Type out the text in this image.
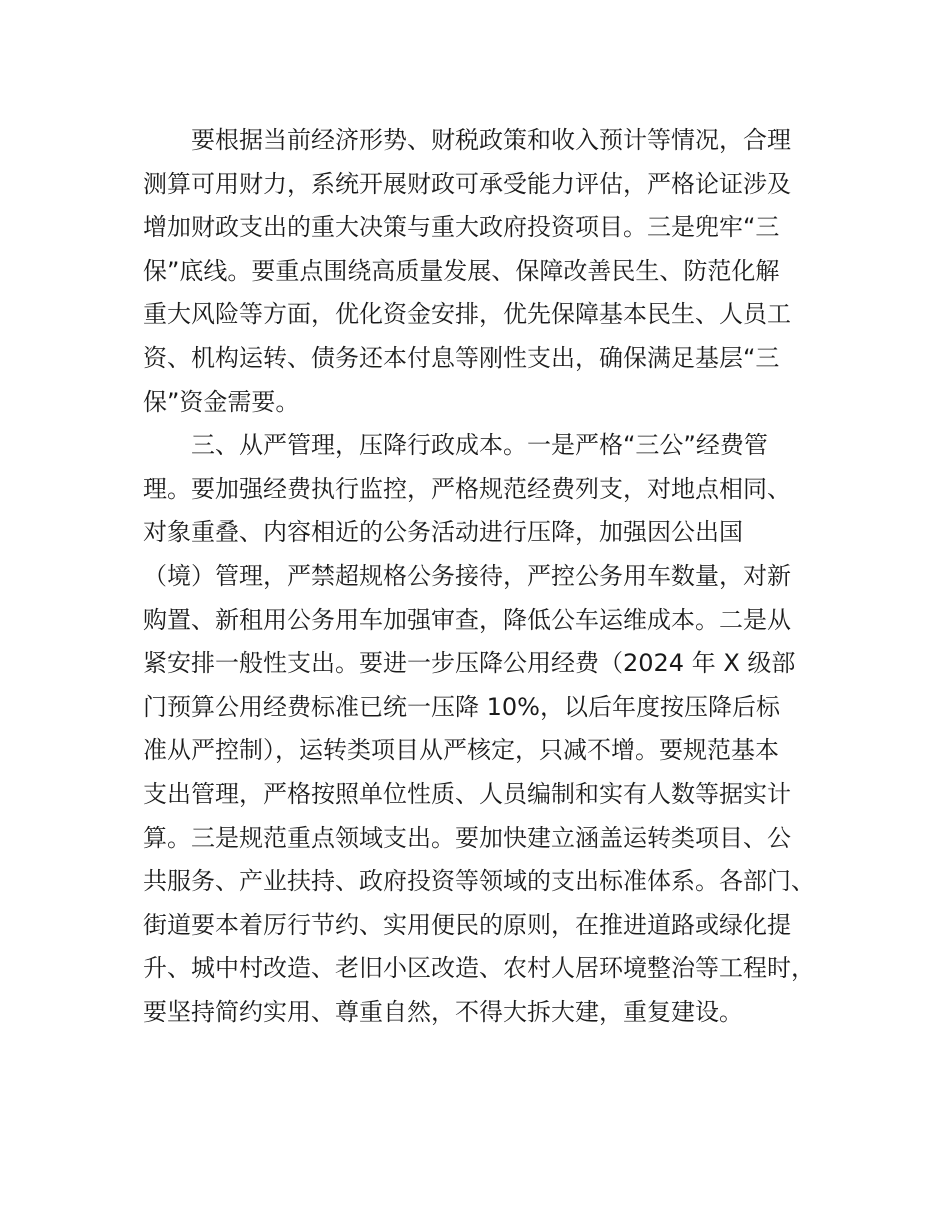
要根据当前经济形势、财税政策和收入预计等情况，合理
测算可用财力，系统开展财政可承受能力评估，严格论证涉及
增加财政支出的重大决策与重大政府投资项目。三是兜牢“三
保”底线。要重点围绕高质量发展、保障改善民生、防范化解
重大风险等方面，优化资金安排，优先保障基本民生、人员工
资、机构运转、债务还本付息等刚性支出，确保满足基层“三
保”资金需要。
三、从严管理，压降行政成本。一是严格“三公”经费管
理。要加强经费执行监控，严格规范经费列支，对地点相同、
对象重叠、内容相近的公务活动进行压降，加强因公出国
（境）管理，严禁超规格公务接待，严控公务用车数量，对新
购置、新租用公务用车加强审查，降低公车运维成本。二是从
紧安排一般性支出。要进一步压降公用经费（2024 年 X 级部
门预算公用经费标准已统一压降 10%，以后年度按压降后标
准从严控制），运转类项目从严核定，只减不增。要规范基本
支出管理，严格按照单位性质、人员编制和实有人数等据实计
算。三是规范重点领域支出。要加快建立涵盖运转类项目、公
共服务、产业扶持、政府投资等领域的支出标准体系。各部门、
街道要本着厉行节约、实用便民的原则，在推进道路或绿化提
升、城中村改造、老旧小区改造、农村人居环境整治等工程时，
要坚持简约实用、尊重自然，不得大拆大建，重复建设。
